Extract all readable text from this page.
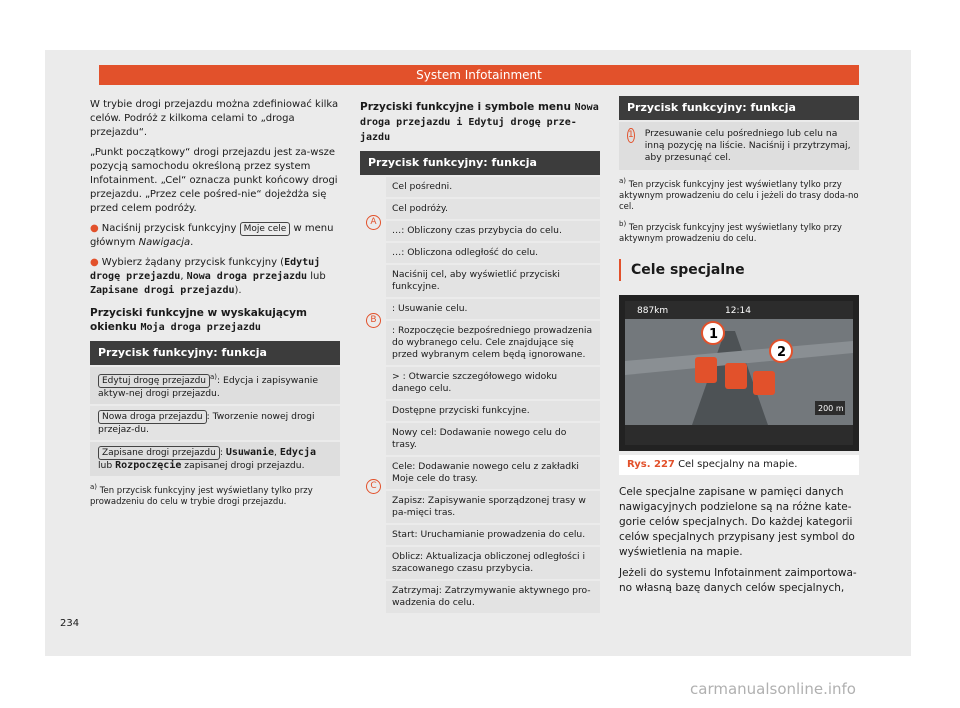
System Infotainment

W trybie drogi przejazdu można zdefiniować kilka celów. Podróż z kilkoma celami to „droga przejazdu“.

„Punkt początkowy“ drogi przejazdu jest za-wsze pozycją samochodu określoną przez system Infotainment. „Cel“ oznacza punkt końcowy drogi przejazdu. „Przez cele pośred-nie“ dojeżdża się przed celem podróży.

● Naciśnij przycisk funkcyjny Moje cele w menu głównym Nawigacja.

● Wybierz żądany przycisk funkcyjny (Edytuj drogę przejazdu, Nowa droga przejazdu lub Zapisane drogi przejazdu).

Przyciski funkcyjne w wyskakującym okienku Moja droga przejazdu
Przycisk funkcyjny: funkcja
Edytuj drogę przejazdu $^{a)}$: Edycja i zapisywanie aktyw-nej drogi przejazdu.
Nowa droga przejazdu : Tworzenie nowej drogi przejaz-du.
Zapisane drogi przejazdu : Usuwanie, Edycja lub Rozpoczęcie zapisanej drogi przejazdu.
$^{a)}$ Ten przycisk funkcyjny jest wyświetlany tylko przy prowadzeniu do celu w trybie drogi przejazdu.
Przyciski funkcyjne i symbole menu Nowa droga przejazdu i Edytuj drogę prze-jazdu
Przycisk funkcyjny: funkcja
A
Cel pośredni.
Cel podróży.
…: Obliczony czas przybycia do celu.
…: Obliczona odległość do celu.
B
Naciśnij cel, aby wyświetlić przyciski funkcyjne.
: Usuwanie celu.
: Rozpoczęcie bezpośredniego prowadzenia do wybranego celu. Cele znajdujące się przed wybranym celem będą ignorowane.
> : Otwarcie szczegółowego widoku danego celu.
C
Dostępne przyciski funkcyjne.
Nowy cel: Dodawanie nowego celu do trasy.
Cele: Dodawanie nowego celu z zakładki Moje cele do trasy.
Zapisz: Zapisywanie sporządzonej trasy w pa-mięci tras.
Start: Uruchamianie prowadzenia do celu.
Oblicz: Aktualizacja obliczonej odległości i szacowanego czasu przybycia.
Zatrzymaj: Zatrzymywanie aktywnego pro-wadzenia do celu.
Przycisk funkcyjny: funkcja
1 Przesuwanie celu pośredniego lub celu na inną pozycję na liście. Naciśnij i przytrzymaj, aby przesunąć cel.
$^{a)}$ Ten przycisk funkcyjny jest wyświetlany tylko przy aktywnym prowadzeniu do celu i jeżeli do trasy doda-no cel.
$^{b)}$ Ten przycisk funkcyjny jest wyświetlany tylko przy aktywnym prowadzeniu do celu.
Cele specjalne
1
2
887km	12:14
200 m
Rys. 227 Cel specjalny na mapie.

Cele specjalne zapisane w pamięci danych nawigacyjnych podzielone są na różne kate-gorie celów specjalnych. Do każdej kategorii celów specjalnych przypisany jest symbol do wyświetlenia na mapie.

Jeżeli do systemu Infotainment zaimportowa-no własną bazę danych celów specjalnych,

234
carmanualsonline.info
